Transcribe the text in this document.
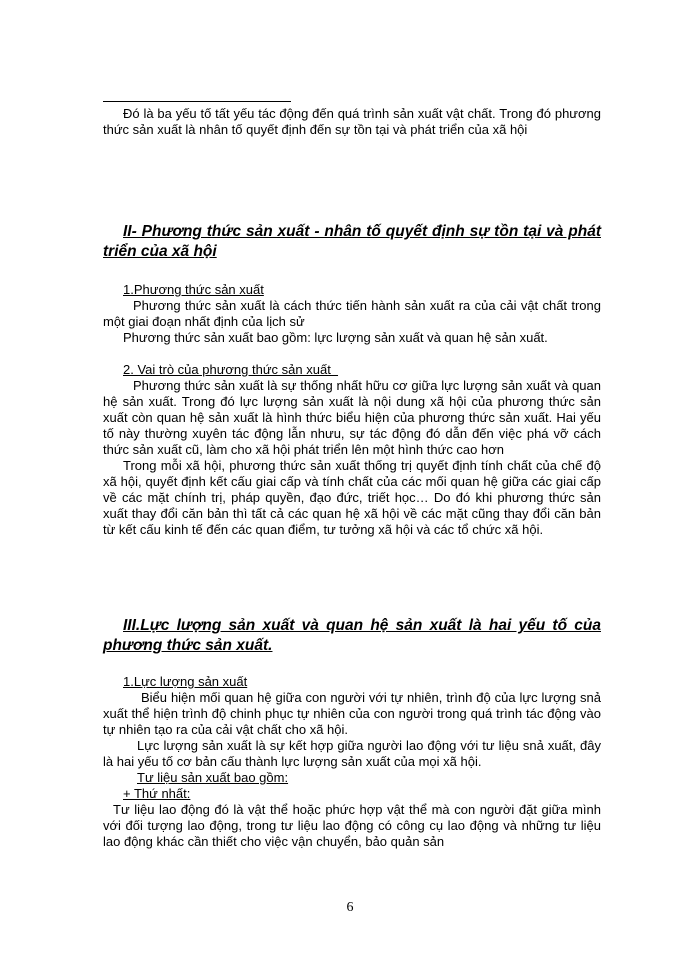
Đó là ba yếu tố tất yếu tác động đến quá trình sản xuất vật chất. Trong đó phương thức sản xuất là nhân tố quyết định đến sự tồn tại và phát triển của xã hội

II- Phương thức sản xuất - nhân tố quyết định sự tồn tại và phát triển của xã hội

1.Phương thức sản xuất

Phương thức sản xuất là cách thức tiến hành sản xuất ra của cải vật chất trong một giai đoạn nhất định của lịch sử

Phương thức sản xuất bao gồm: lực lượng sản xuất và quan hệ sản xuất.

2. Vai trò của phương thức sản xuất

Phương thức sản xuất là sự thống nhất hữu cơ giữa lực lượng sản xuất và quan hệ sản xuất. Trong đó lực lượng sản xuất là nội dung xã hội của phương thức sản xuất còn quan hệ sản xuất là hình thức biểu hiện của phương thức sản xuất. Hai yếu tố này thường xuyên tác động lẫn nhưu, sự tác động đó dẫn đến việc phá vỡ cách thức sản xuất cũ, làm cho xã hội phát triển lên một hình thức cao hơn

Trong mỗi xã hội, phương thức sản xuất thống trị quyết định tính chất của chế độ xã hội, quyết định kết cấu giai cấp và tính chất của các mối quan hệ giữa các giai cấp về các mặt chính trị, pháp quyền, đạo đức, triết học… Do đó khi phương thức sản xuất thay đổi căn bản thì tất cả các quan hệ xã hội về các mặt cũng thay đổi căn bản từ kết cấu kinh tế đến các quan điểm, tư tưởng xã hội và các tổ chức xã hội.

III.Lực lượng sản xuất và quan hệ sản xuất là hai yếu tố của phương thức sản xuất.

1.Lực lượng sản xuất

Biểu hiện mối quan hệ giữa con người với tự nhiên, trình độ của lực lượng snả xuất thể hiện trình độ chinh phục tự nhiên của con người trong quá trình tác động vào tự nhiên tạo ra của cải vật chất cho xã hội.

Lực lượng sản xuất là sự kết hợp giữa người lao động với tư liệu snả xuất, đây là hai yếu tố cơ bản cấu thành lực lượng sản xuất của mọi xã hội.

Tư liệu sản xuất bao gồm:

+ Thứ nhất:

Tư liệu lao động đó là vật thể hoặc phức hợp vật thể mà con người đặt giữa mình với đối tượng lao động, trong tư liệu lao động có công cụ lao động và những tư liệu lao động khác cần thiết cho việc vận chuyển, bảo quản sản

6
